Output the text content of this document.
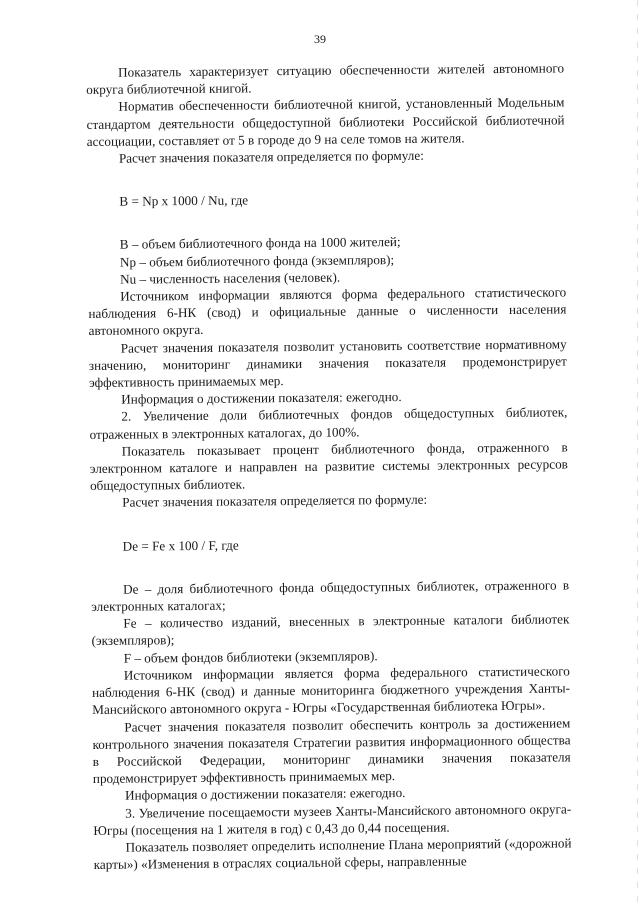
39

Показатель характеризует ситуацию обеспеченности жителей автономного округа библиотечной книгой.

Норматив обеспеченности библиотечной книгой, установленный Модельным стандартом деятельности общедоступной библиотеки Российской библиотечной ассоциации, составляет от 5 в городе до 9 на селе томов на жителя.

Расчет значения показателя определяется по формуле:

B = Np x 1000 / Nu, где

B – объем библиотечного фонда на 1000 жителей;

Np – объем библиотечного фонда (экземпляров);

Nu – численность населения (человек).

Источником информации являются форма федерального статистического наблюдения 6-НК (свод) и официальные данные о численности населения автономного округа.

Расчет значения показателя позволит установить соответствие нормативному значению, мониторинг динамики значения показателя продемонстрирует эффективность принимаемых мер.

Информация о достижении показателя: ежегодно.

2. Увеличение доли библиотечных фондов общедоступных библиотек, отраженных в электронных каталогах, до 100%.

Показатель показывает процент библиотечного фонда, отраженного в электронном каталоге и направлен на развитие системы электронных ресурсов общедоступных библиотек.

Расчет значения показателя определяется по формуле:

De = Fe x 100 / F, где

De – доля библиотечного фонда общедоступных библиотек, отраженного в электронных каталогах;

Fe – количество изданий, внесенных в электронные каталоги библиотек (экземпляров);

F – объем фондов библиотеки (экземпляров).

Источником информации является форма федерального статистического наблюдения 6-НК (свод) и данные мониторинга бюджетного учреждения Ханты-Мансийского автономного округа - Югры «Государственная библиотека Югры».

Расчет значения показателя позволит обеспечить контроль за достижением контрольного значения показателя Стратегии развития информационного общества в Российской Федерации, мониторинг динамики значения показателя продемонстрирует эффективность принимаемых мер.

Информация о достижении показателя: ежегодно.

3. Увеличение посещаемости музеев Ханты-Мансийского автономного округа-Югры (посещения на 1 жителя в год) с 0,43 до 0,44 посещения.

Показатель позволяет определить исполнение Плана мероприятий («дорожной карты») «Изменения в отраслях социальной сферы, направленные
